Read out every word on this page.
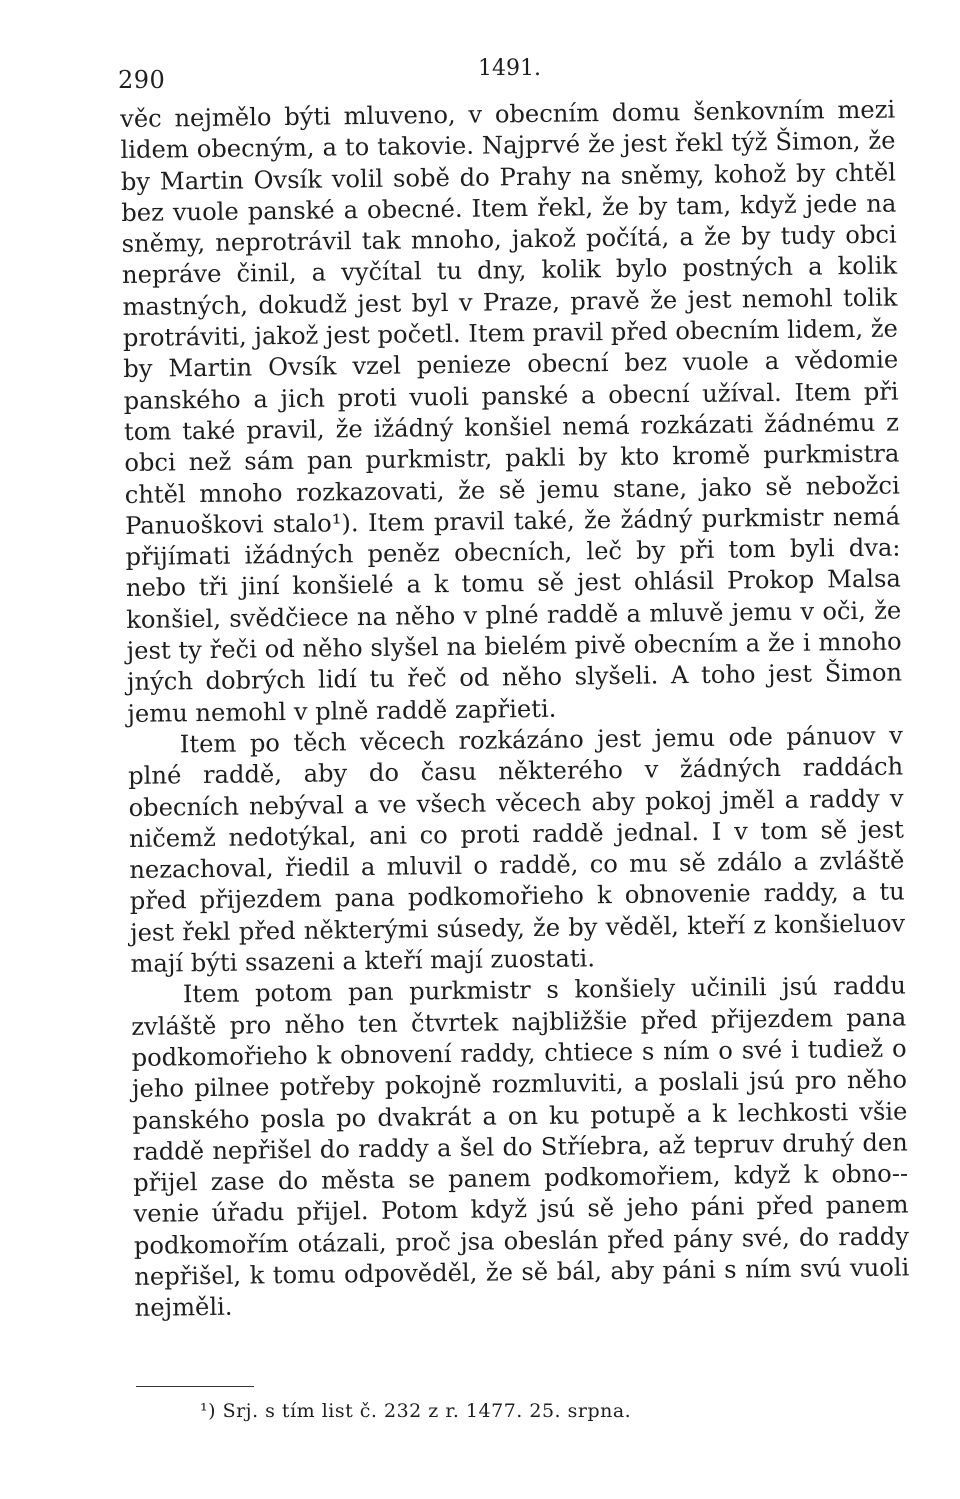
290	1491.

věc nejmělo býti mluveno, v obecním domu šenkovním mezi lidem obecným, a to takovie. Najprvé že jest řekl týž Šimon, že by Martin Ovsík volil sobě do Prahy na sněmy, kohož by chtěl bez vuole panské a obecné. Item řekl, že by tam, když jede na sněmy, neprotrávil tak mnoho, jakož počítá, a že by tudy obci nepráve činil, a vyčítal tu dny, kolik bylo postných a kolik mastných, dokudž jest byl v Praze, pravě že jest nemohl tolik protráviti, jakož jest početl. Item pravil před obecním lidem, že by Martin Ovsík vzel penieze obecní bez vuole a vědomie panského a jich proti vuoli panské a obecní užíval. Item při tom také pravil, že ižádný konšiel nemá rozkázati žádnému z obci než sám pan purkmistr, pakli by kto kromě purkmistra chtěl mnoho rozkazovati, že sě jemu stane, jako sě nebožci Panuoškovi stalo¹). Item pravil také, že žádný purkmistr nemá přijímati ižádných peněz obecních, leč by při tom byli dva: nebo tři jiní konšielé a k tomu sě jest ohlásil Prokop Malsa konšiel, svědčiece na něho v plné raddě a mluvě jemu v oči, že jest ty řeči od něho slyšel na bielém pivě obecním a že i mnoho jných dobrých lidí tu řeč od něho slyšeli. A toho jest Šimon jemu nemohl v plně raddě zapřieti.

Item po těch věcech rozkázáno jest jemu ode pánuov v plné raddě, aby do času některého v žádných raddách obecních nebýval a ve všech věcech aby pokoj jměl a raddy v ničemž nedotýkal, ani co proti raddě jednal. I v tom sě jest nezachoval, řiedil a mluvil o raddě, co mu sě zdálo a zvláště před přijezdem pana podkomořieho k obnovenie raddy, a tu jest řekl před některými súsedy, že by věděl, kteří z konšieluov mají býti ssazeni a kteří mají zuostati.

Item potom pan purkmistr s konšiely učinili jsú raddu zvláště pro něho ten čtvrtek najbližšie před přijezdem pana podkomořieho k obnovení raddy, chtiece s ním o své i tudiež o jeho pilnee potřeby pokojně rozmluviti, a poslali jsú pro něho panského posla po dvakrát a on ku potupě a k lechkosti všie raddě nepřišel do raddy a šel do Stříebra, až tepruv druhý den přijel zase do města se panem podkomořiem, když k obno-venie úřadu přijel. Potom když jsú sě jeho páni před panem podkomořím otázali, proč jsa obeslán před pány své, do raddy nepřišel, k tomu odpověděl, že sě bál, aby páni s ním svú vuoli nejměli.

¹) Srj. s tím list č. 232 z r. 1477. 25. srpna.
